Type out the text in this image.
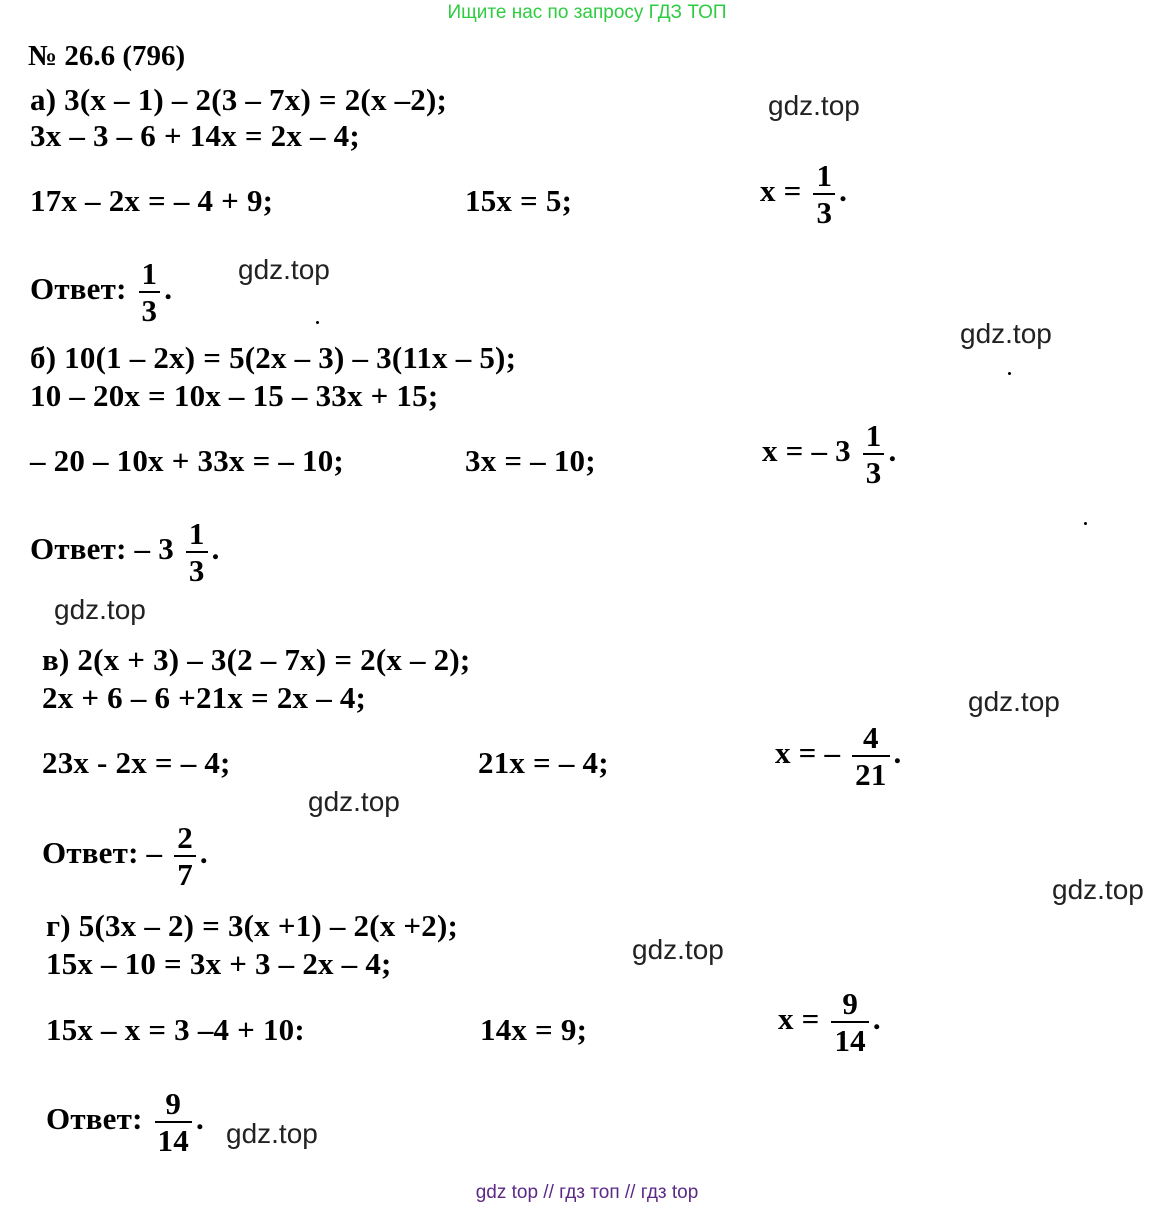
Ищите нас по запросу ГДЗ ТОП
№ 26.6 (796)
а) 3(x – 1) – 2(3 – 7x) = 2(x –2);
3x – 3 – 6 + 14x = 2x – 4;
17x – 2x = – 4 + 9;	15x = 5;	$x = \frac{1}{3}$ .
Ответ: $\frac{1}{3}$ .
б) 10(1 – 2x) = 5(2x – 3) – 3(11x – 5);
10 – 20x = 10x – 15 – 33x + 15;
– 20 – 10x + 33x = – 10;	3x = – 10;	x = – $3 \frac{1}{3}$ .
Ответ: – $3 \frac{1}{3}$ .
в) 2(x + 3) – 3(2 – 7x) = 2(x – 2);
2x + 6 – 6 +21x = 2x – 4;
23x - 2x = – 4;	21x = – 4;	x = – $\frac{4}{21}$ .
Ответ: – $\frac{2}{7}$ .
г) 5(3x – 2) = 3(x +1) – 2(x +2);
15x – 10 = 3x + 3 – 2x – 4;
15x – x = 3 –4 + 10:	14x = 9;	$x = \frac{9}{14}$ .
Ответ: $\frac{9}{14}$ .
gdz.top
gdz.top
gdz.top
gdz.top
gdz.top
gdz.top
gdz.top
gdz.top
gdz.top
gdz top // гдз топ // гдз top
